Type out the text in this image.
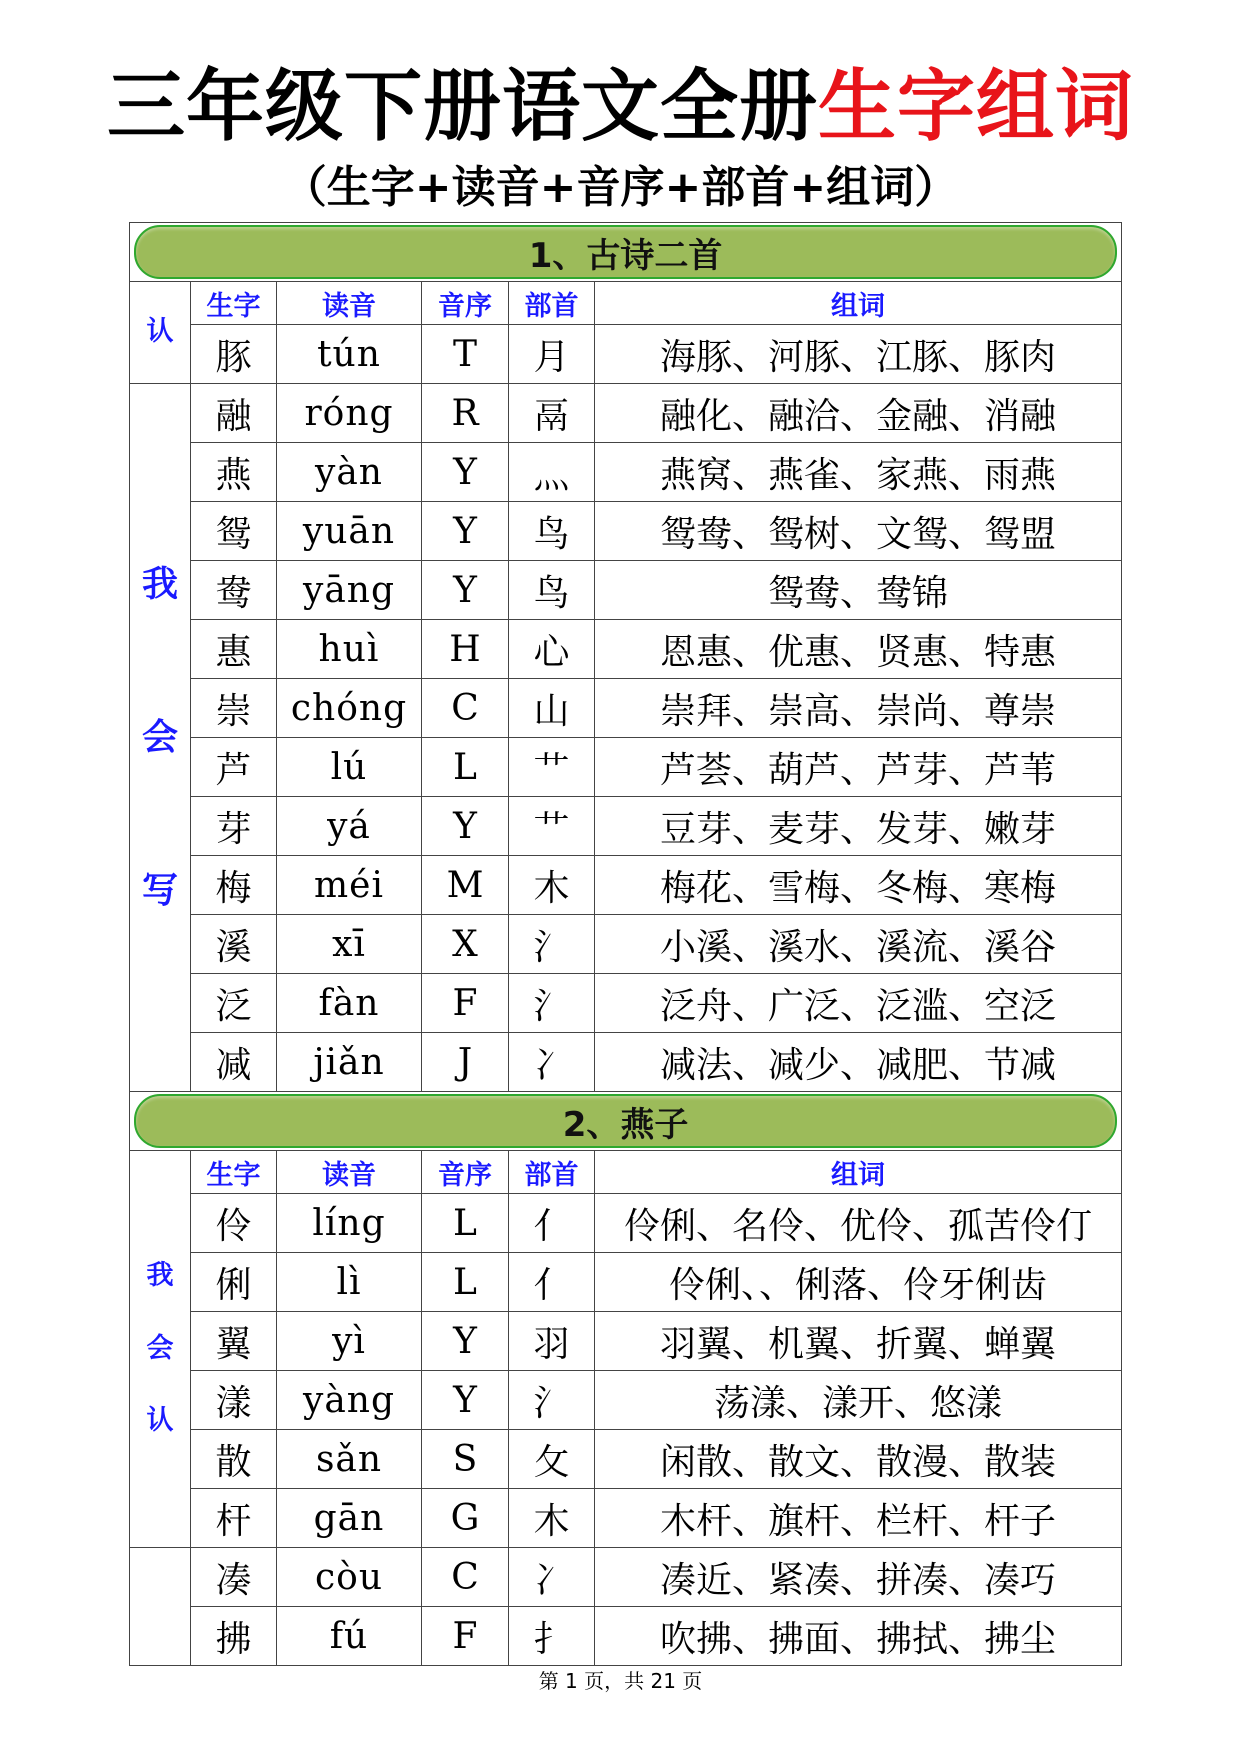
三年级下册语文全册生字组词
（生字+读音+音序+部首+组词）
1、古诗二首					

认	生字	读音	音序	部首	组词
	豚	tún	T	月	海豚、河豚、江豚、豚肉

我
会
写	融	róng	R	鬲	融化、融洽、金融、消融
	燕	yàn	Y	灬	燕窝、燕雀、家燕、雨燕
	鸳	yuān	Y	鸟	鸳鸯、鸳树、文鸳、鸳盟
	鸯	yāng	Y	鸟	鸳鸯、鸯锦
	惠	huì	H	心	恩惠、优惠、贤惠、特惠
	崇	chóng	C	山	崇拜、崇高、崇尚、尊崇
	芦	lú	L	艹	芦荟、葫芦、芦芽、芦苇
	芽	yá	Y	艹	豆芽、麦芽、发芽、嫩芽
	梅	méi	M	木	梅花、雪梅、冬梅、寒梅
	溪	xī	X	氵	小溪、溪水、溪流、溪谷
	泛	fàn	F	氵	泛舟、广泛、泛滥、空泛
	减	jiǎn	J	冫	减法、减少、减肥、节减

2、燕子					

我
会
认	生字	读音	音序	部首	组词
	伶	líng	L	亻	伶俐、名伶、优伶、孤苦伶仃
	俐	lì	L	亻	伶俐、、俐落、伶牙俐齿
	翼	yì	Y	羽	羽翼、机翼、折翼、蝉翼
	漾	yàng	Y	氵	荡漾、漾开、悠漾
	散	sǎn	S	攵	闲散、散文、散漫、散装
	杆	gān	G	木	木杆、旗杆、栏杆、杆子
	凑	còu	C	冫	凑近、紧凑、拼凑、凑巧
	拂	fú	F	扌	吹拂、拂面、拂拭、拂尘
第 1 页，共 21 页
